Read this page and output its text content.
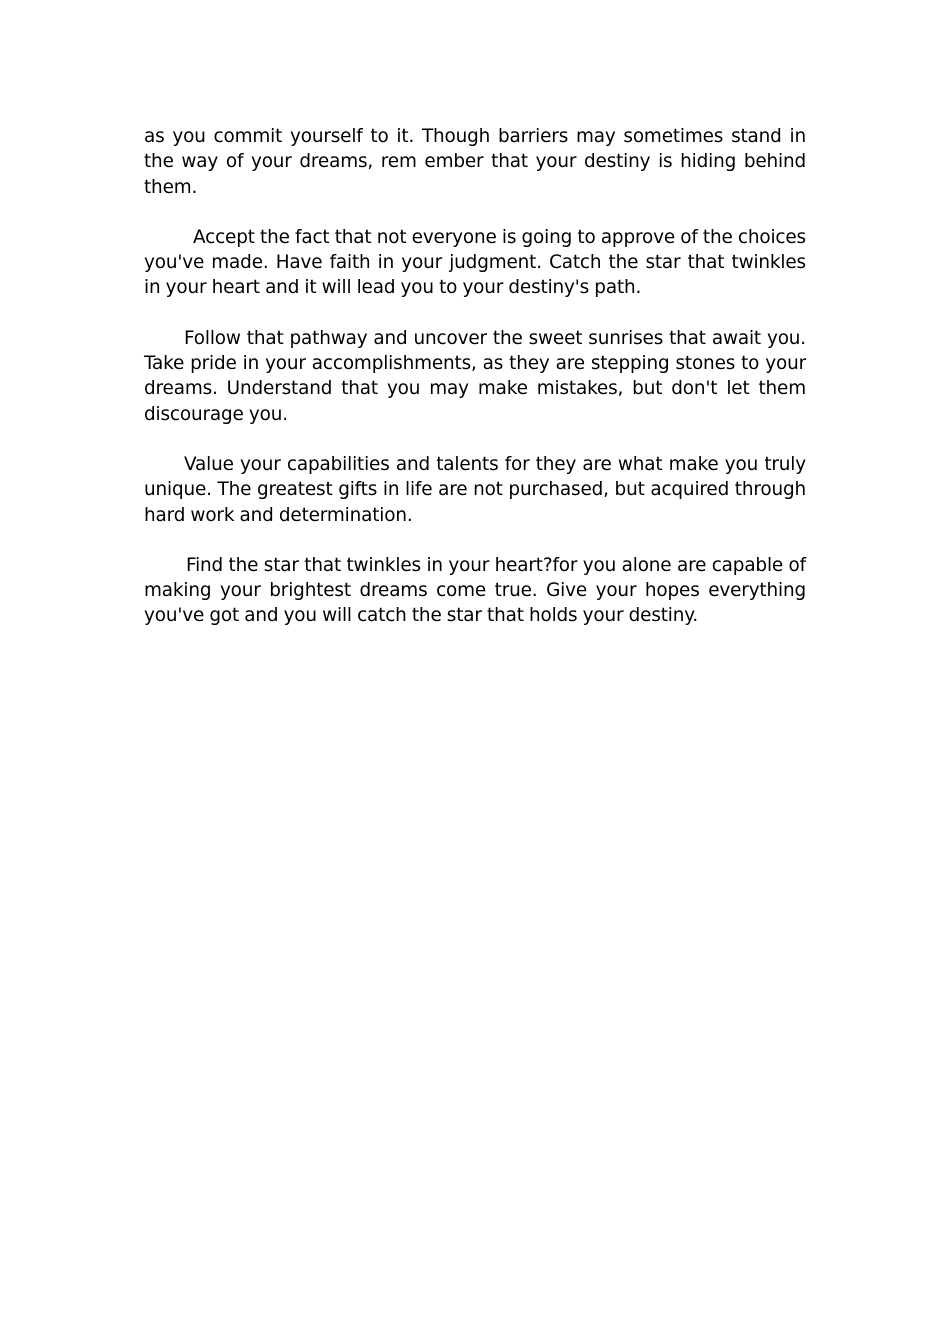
as you commit yourself to it. Though barriers may sometimes stand in the way of your dreams, rem ember that your destiny is hiding behind them.

Accept the fact that not everyone is going to approve of the choices you've made. Have faith in your judgment. Catch the star that twinkles in your heart and it will lead you to your destiny's path.

Follow that pathway and uncover the sweet sunrises that await you. Take pride in your accomplishments, as they are stepping stones to your dreams. Understand that you may make mistakes, but don't let them discourage you.

Value your capabilities and talents for they are what make you truly unique. The greatest gifts in life are not purchased, but acquired through hard work and determination.

Find the star that twinkles in your heart?for you alone are capable of making your brightest dreams come true. Give your hopes everything you've got and you will catch the star that holds your destiny.
